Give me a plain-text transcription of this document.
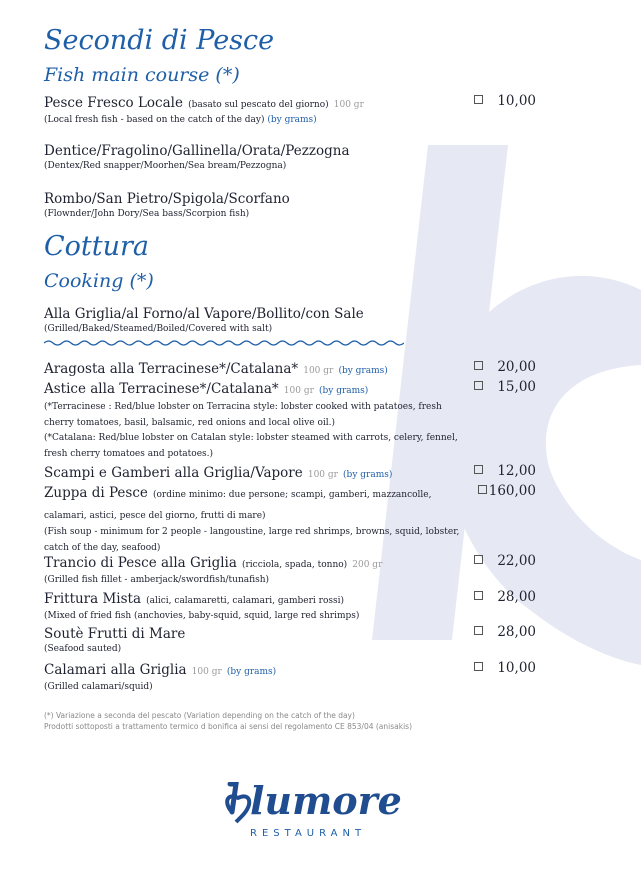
Secondi di Pesce
Fish main course (*)
Pesce Fresco Locale (basato sul pescato del giorno) 100 gr
(Local fresh fish - based on the catch of the day) (by grams)
10,00
Dentice/Fragolino/Gallinella/Orata/Pezzogna
(Dentex/Red snapper/Moorhen/Sea bream/Pezzogna)
Rombo/San Pietro/Spigola/Scorfano
(Flownder/John Dory/Sea bass/Scorpion fish)
Cottura
Cooking (*)
Alla Griglia/al Forno/al Vapore/Bollito/con Sale
(Grilled/Baked/Steamed/Boiled/Covered with salt)
Aragosta alla Terracinese*/Catalana* 100 gr (by grams)	20,00
Astice alla Terracinese*/Catalana* 100 gr (by grams)
(*Terracinese : Red/blue lobster on Terracina style: lobster cooked with patatoes, fresh cherry tomatoes, basil, balsamic, red onions and local olive oil.)
(*Catalana: Red/blue lobster on Catalan style: lobster steamed with carrots, celery, fennel, fresh cherry tomatoes and potatoes.)
15,00
Scampi e Gamberi alla Griglia/Vapore 100 gr (by grams)	12,00
Zuppa di Pesce (ordine minimo: due persone; scampi, gamberi, mazzancolle, calamari, astici, pesce del giorno, frutti di mare)
(Fish soup - minimum for 2 people - langoustine, large red shrimps, browns, squid, lobster, catch of the day, seafood)
160,00
Trancio di Pesce alla Griglia (ricciola, spada, tonno) 200 gr
(Grilled fish fillet - amberjack/swordfish/tunafish)
22,00
Frittura Mista (alici, calamaretti, calamari, gamberi rossi)
(Mixed of fried fish (anchovies, baby-squid, squid, large red shrimps)
28,00
Soutè Frutti di Mare
(Seafood sauted)
28,00
Calamari alla Griglia 100 gr (by grams)
(Grilled calamari/squid)
10,00
(*) Variazione a seconda del pescato (Variation depending on the catch of the day)
Prodotti sottoposti a trattamento termico d bonifica ai sensi del regolamento CE 853/04 (anisakis)
lumore
RESTAURANT
